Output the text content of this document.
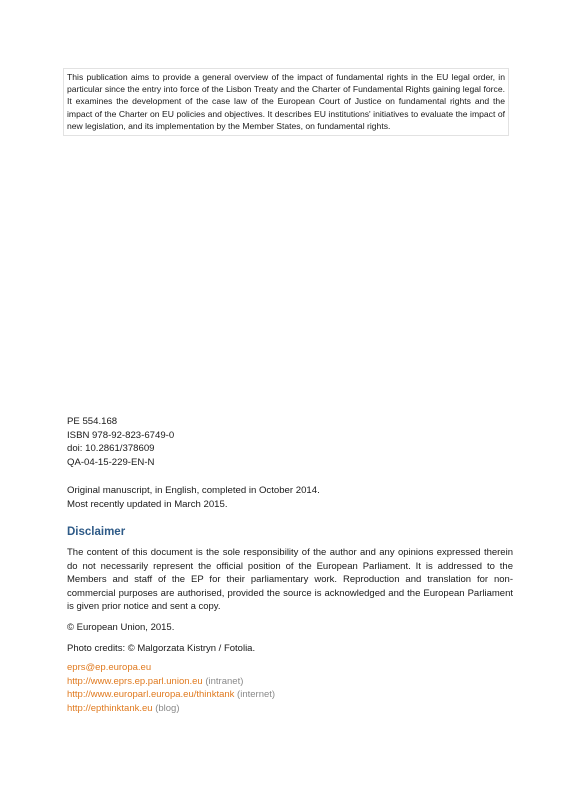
This publication aims to provide a general overview of the impact of fundamental rights in the EU legal order, in particular since the entry into force of the Lisbon Treaty and the Charter of Fundamental Rights gaining legal force. It examines the development of the case law of the European Court of Justice on fundamental rights and the impact of the Charter on EU policies and objectives. It describes EU institutions' initiatives to evaluate the impact of new legislation, and its implementation by the Member States, on fundamental rights.
PE 554.168
ISBN 978-92-823-6749-0
doi: 10.2861/378609
QA-04-15-229-EN-N
Original manuscript, in English, completed in October 2014.
Most recently updated in March 2015.
Disclaimer
The content of this document is the sole responsibility of the author and any opinions expressed therein do not necessarily represent the official position of the European Parliament. It is addressed to the Members and staff of the EP for their parliamentary work. Reproduction and translation for non-commercial purposes are authorised, provided the source is acknowledged and the European Parliament is given prior notice and sent a copy.
© European Union, 2015.
Photo credits: © Malgorzata Kistryn / Fotolia.
eprs@ep.europa.eu
http://www.eprs.ep.parl.union.eu (intranet)
http://www.europarl.europa.eu/thinktank (internet)
http://epthinktank.eu (blog)
